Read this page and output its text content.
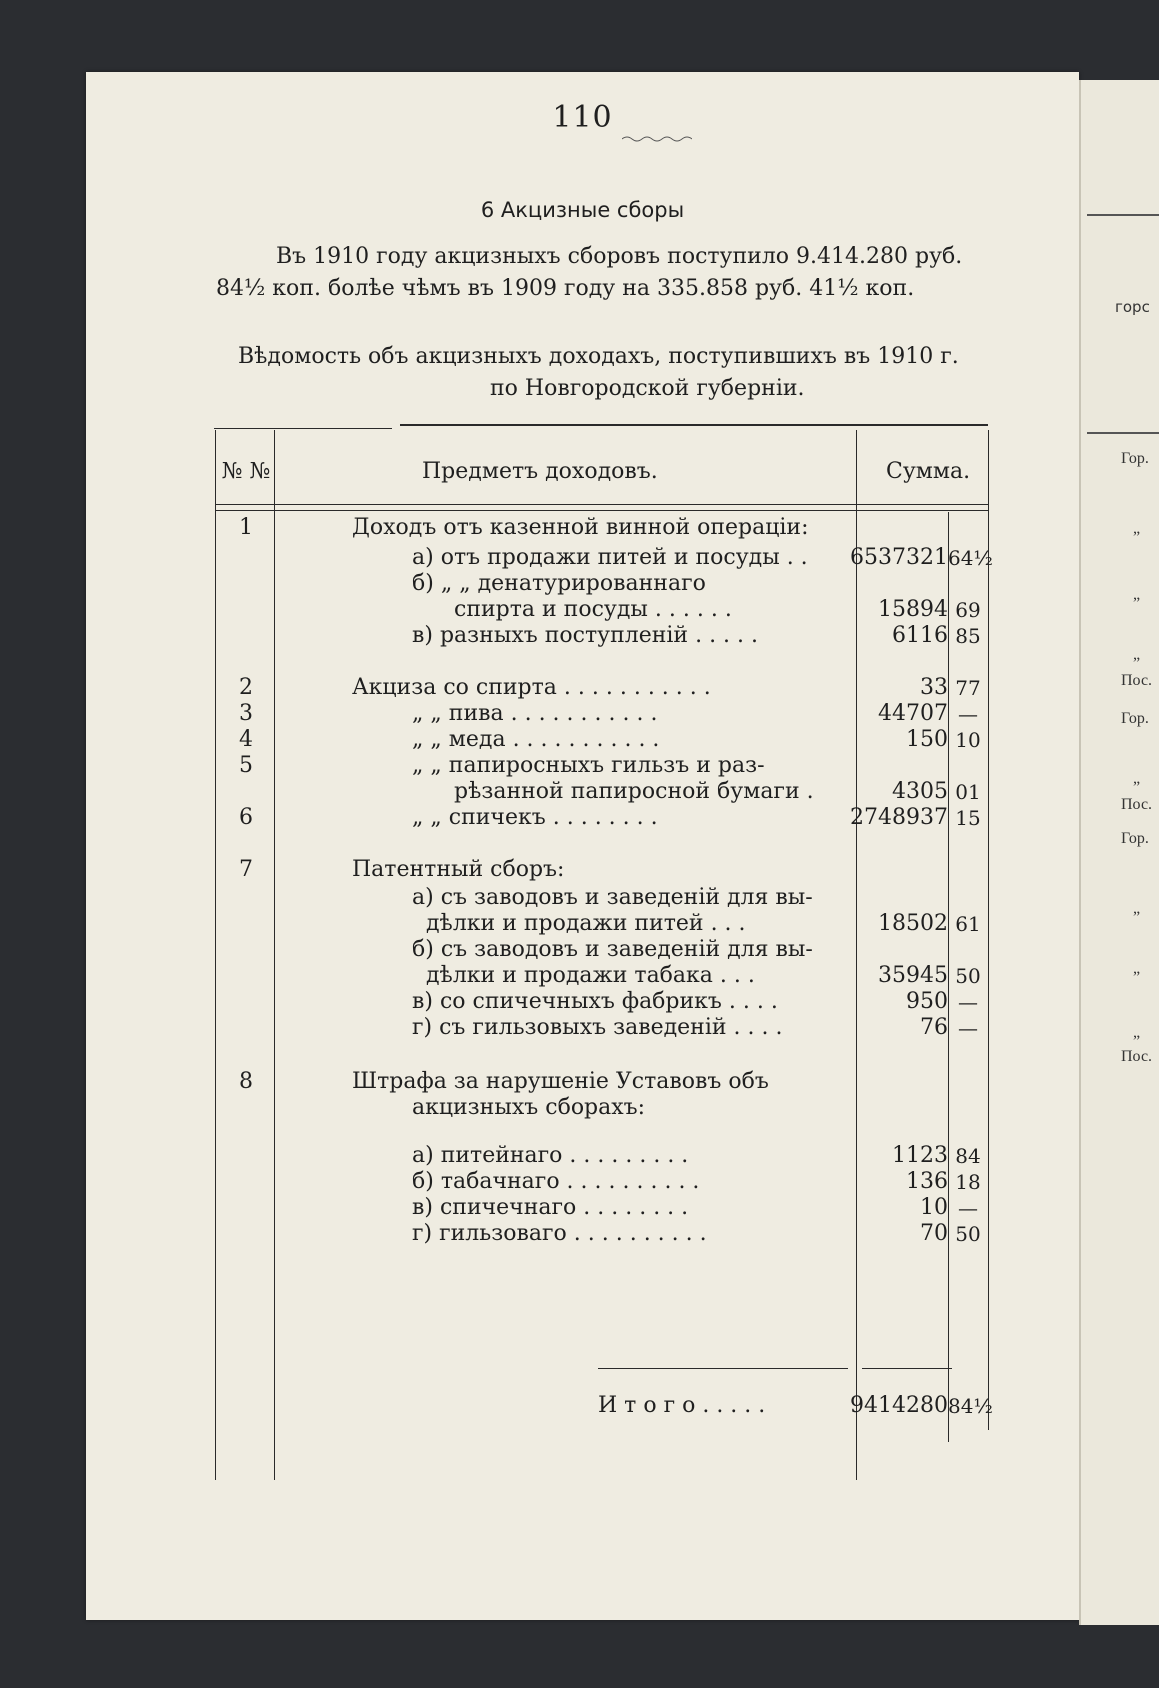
110
6 Акцизные сборы
Въ 1910 году акцизныхъ сборовъ поступило 9.414.280 руб.
84½ коп. болѣе чѣмъ въ 1909 году на 335.858 руб. 41½ коп.
Вѣдомость объ акцизныхъ доходахъ, поступившихъ въ 1910 г.
по Новгородской губерніи.
№ №	Предметъ доходовъ.	Сумма.
1	Доходъ отъ казенной винной операціи:
а) отъ продажи питей и посуды . .	6537321 64½
б) „ „ денатурированнаго
спирта и посуды . . . . . .	15894 69
в) разныхъ поступленій . . . . .	6116 85
2	Акциза со спирта . . . . . . . . . . .	33 77
3	„ „ пива . . . . . . . . . . .	44707 —
4	„ „ меда . . . . . . . . . . .	150 10
5	„ „ папиросныхъ гильзъ и раз-
рѣзанной папиросной бумаги .	4305 01
6	„ „ спичекъ . . . . . . . .	2748937 15
7	Патентный сборъ:
а) съ заводовъ и заведеній для вы-
дѣлки и продажи питей . . .	18502 61
б) съ заводовъ и заведеній для вы-
дѣлки и продажи табака . . .	35945 50
в) со спичечныхъ фабрикъ . . . .	950 —
г) съ гильзовыхъ заведеній . . . .	76 —
8	Штрафа за нарушеніе Уставовъ объ
акцизныхъ сборахъ:
а) питейнаго . . . . . . . . .	1123 84
б) табачнаго . . . . . . . . . .	136 18
в) спичечнаго . . . . . . . .	10 —
г) гильзоваго . . . . . . . . . .	70 50
И т о г о . . . . .	9414280 84½
горс
Гор.
„
„
„
Пос.
Гор.
„
Пос.
Гор.
„
„
„
Пос.
